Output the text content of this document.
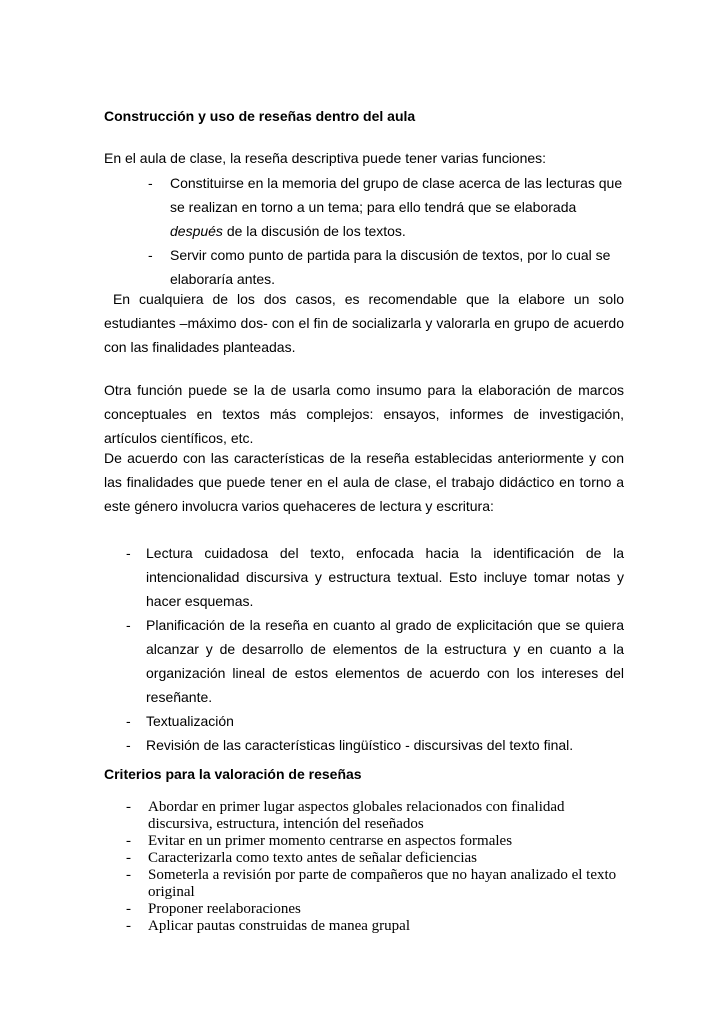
Construcción y uso de reseñas dentro del aula

En el aula de clase, la reseña descriptiva puede tener varias funciones:

- Constituirse en la memoria del grupo de clase acerca de las lecturas que se realizan en torno a un tema; para ello tendrá que se elaborada después de la discusión de los textos.
- Servir como punto de partida para la discusión de textos, por lo cual se elaboraría antes.

En cualquiera de los dos casos, es recomendable que la elabore un solo estudiantes –máximo dos- con el fin de socializarla y valorarla en grupo de acuerdo con las finalidades planteadas.

Otra función puede se la de usarla como insumo para la elaboración de marcos conceptuales en textos más complejos: ensayos, informes de investigación, artículos científicos, etc.

De acuerdo con las características de la reseña establecidas anteriormente y con las finalidades que puede tener en el aula de clase, el trabajo didáctico en torno a este género involucra varios quehaceres de lectura y escritura:

- Lectura cuidadosa del texto, enfocada hacia la identificación de la intencionalidad discursiva y estructura textual. Esto incluye tomar notas y hacer esquemas.
- Planificación de la reseña en cuanto al grado de explicitación que se quiera alcanzar y de desarrollo de elementos de la estructura y en cuanto a la organización lineal de estos elementos de acuerdo con los intereses del reseñante.
- Textualización
- Revisión de las características lingüístico - discursivas del texto final.
Criterios para la valoración de reseñas
- Abordar en primer lugar aspectos globales relacionados con finalidad discursiva, estructura, intención del reseñados
- Evitar en un primer momento centrarse en aspectos formales
- Caracterizarla como texto antes de señalar deficiencias
- Someterla a revisión por parte de compañeros que no hayan analizado el texto original
- Proponer reelaboraciones
- Aplicar pautas construidas de manea grupal
